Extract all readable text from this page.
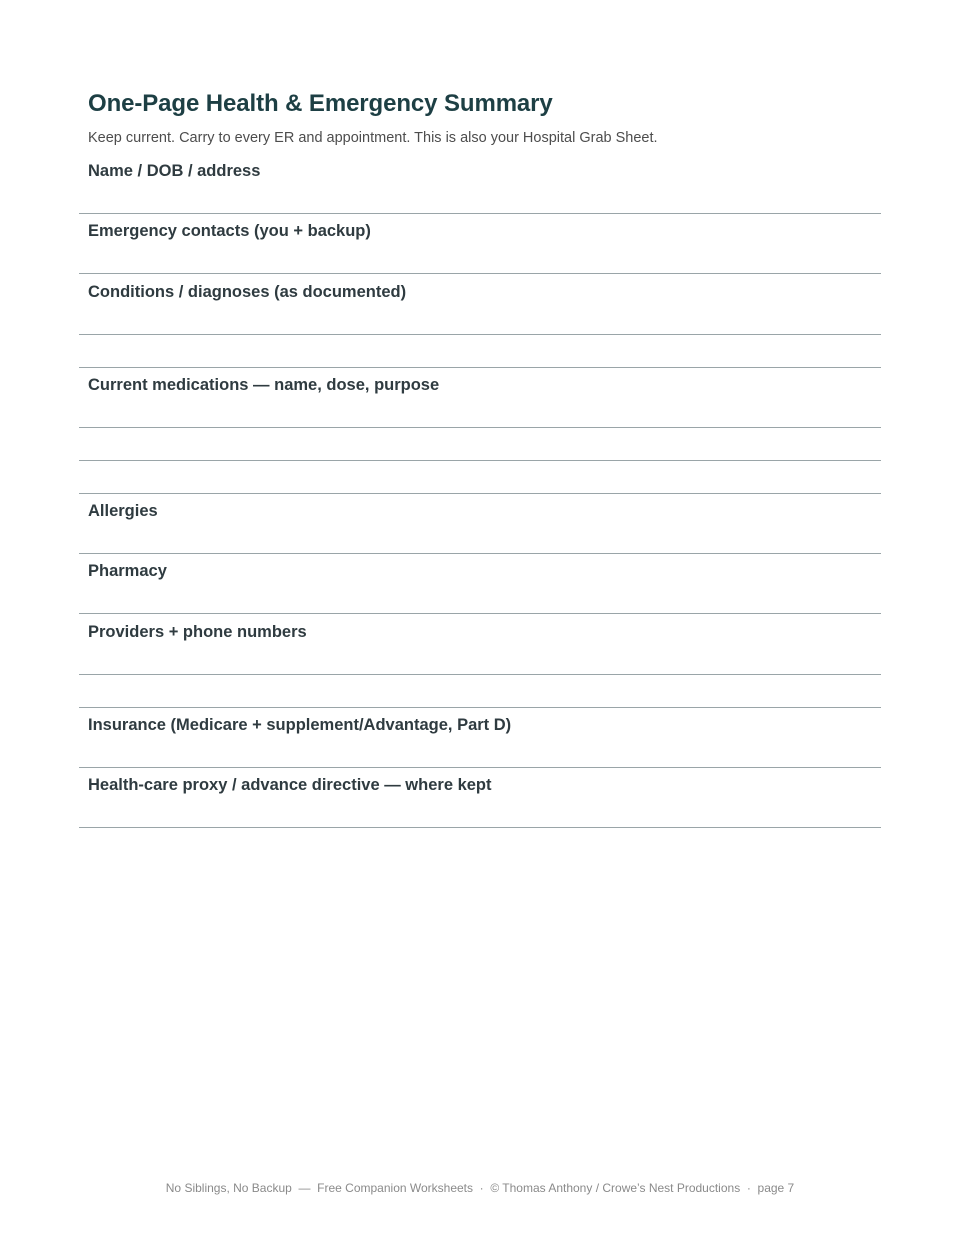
One-Page Health & Emergency Summary

Keep current. Carry to every ER and appointment. This is also your Hospital Grab Sheet.

Name / DOB / address
Emergency contacts (you + backup)
Conditions / diagnoses (as documented)
Current medications — name, dose, purpose
Allergies
Pharmacy
Providers + phone numbers
Insurance (Medicare + supplement/Advantage, Part D)
Health-care proxy / advance directive — where kept
No Siblings, No Backup  —  Free Companion Worksheets  ·  © Thomas Anthony / Crowe’s Nest Productions  ·  page 7
